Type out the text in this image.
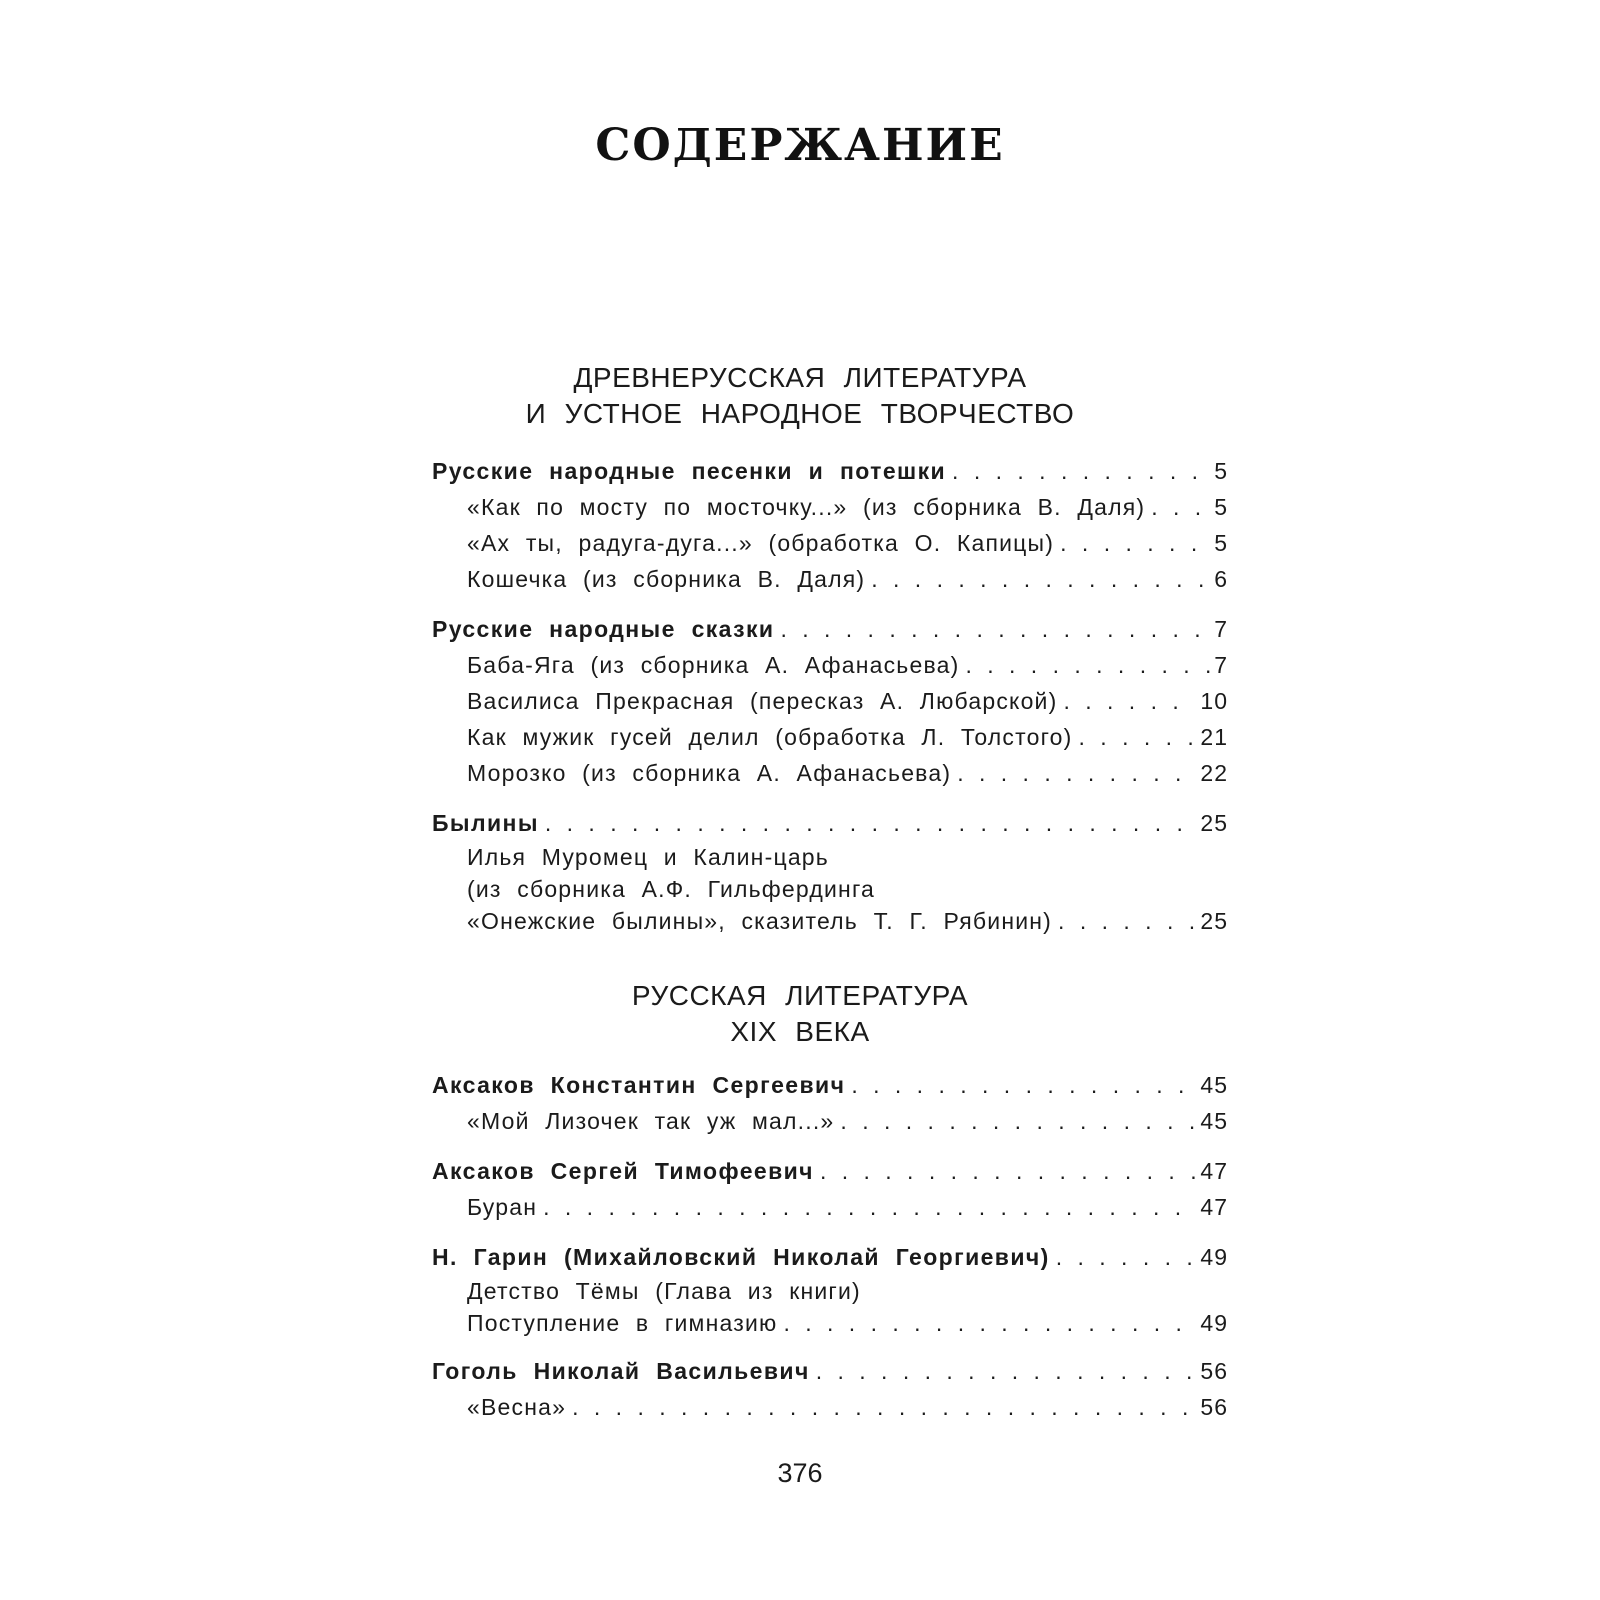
СОДЕРЖАНИЕ
ДРЕВНЕРУССКАЯ ЛИТЕРАТУРА
И УСТНОЕ НАРОДНОЕ ТВОРЧЕСТВО
Русские народные песенки и потешки . . .	5
«Как по мосту по мосточку...» (из сборника В. Даля) . . .	5
«Ах ты, радуга-дуга...» (обработка О. Капицы) . . .	5
Кошечка (из сборника В. Даля) . . .	6
Русские народные сказки . . .	7
Баба-Яга (из сборника А. Афанасьева) . . .	7
Василиса Прекрасная (пересказ А. Любарской) . . .	10
Как мужик гусей делил (обработка Л. Толстого) . . .	21
Морозко (из сборника А. Афанасьева) . . .	22
Былины . . .	25
Илья Муромец и Калин-царь
(из сборника А.Ф. Гильфердинга
«Онежские былины», сказитель Т. Г. Рябинин) . . .	25
РУССКАЯ ЛИТЕРАТУРА
XIX ВЕКА
Аксаков Константин Сергеевич . . .	45
«Мой Лизочек так уж мал...» . . .	45
Аксаков Сергей Тимофеевич . . .	47
Буран . . .	47
Н. Гарин (Михайловский Николай Георгиевич) . . .	49
Детство Тёмы (Глава из книги)
Поступление в гимназию . . .	49
Гоголь Николай Васильевич . . .	56
«Весна» . . .	56
376
